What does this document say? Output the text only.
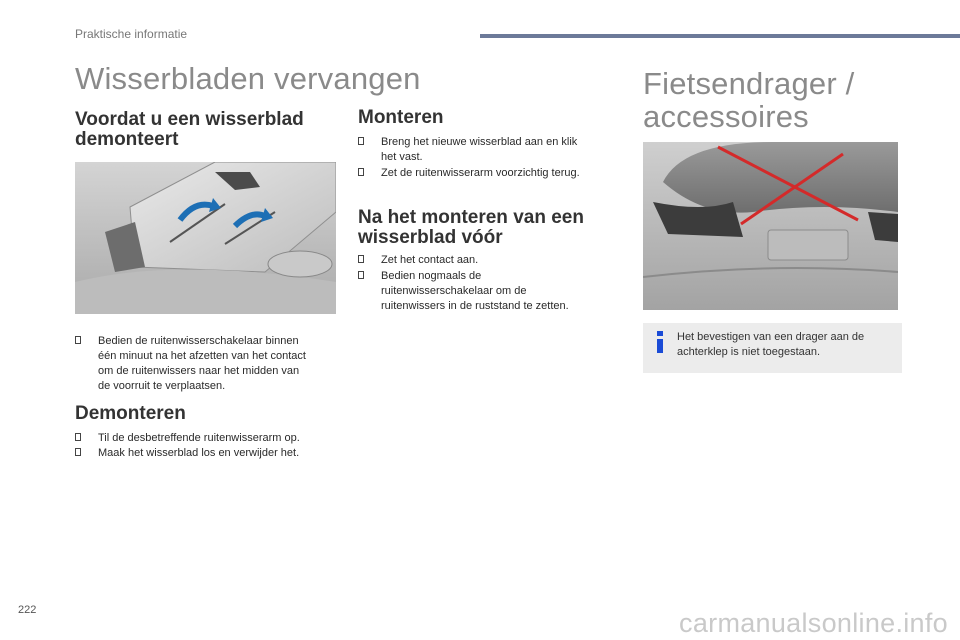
Praktische informatie
Wisserbladen vervangen
Voordat u een wisserblad
demonteert
Bedien de ruitenwisserschakelaar binnen
één minuut na het afzetten van het contact
om de ruitenwissers naar het midden van
de voorruit te verplaatsen.
Demonteren
Til de desbetreffende ruitenwisserarm op.
Maak het wisserblad los en verwijder het.
Monteren
Breng het nieuwe wisserblad aan en klik
het vast.
Zet de ruitenwisserarm voorzichtig terug.
Na het monteren van een
wisserblad vóór
Zet het contact aan.
Bedien nogmaals de
ruitenwisserschakelaar om de
ruitenwissers in de ruststand te zetten.
Fietsendrager /
accessoires
Het bevestigen van een drager aan de
achterklep is niet toegestaan.
222	carmanualsonline.info
